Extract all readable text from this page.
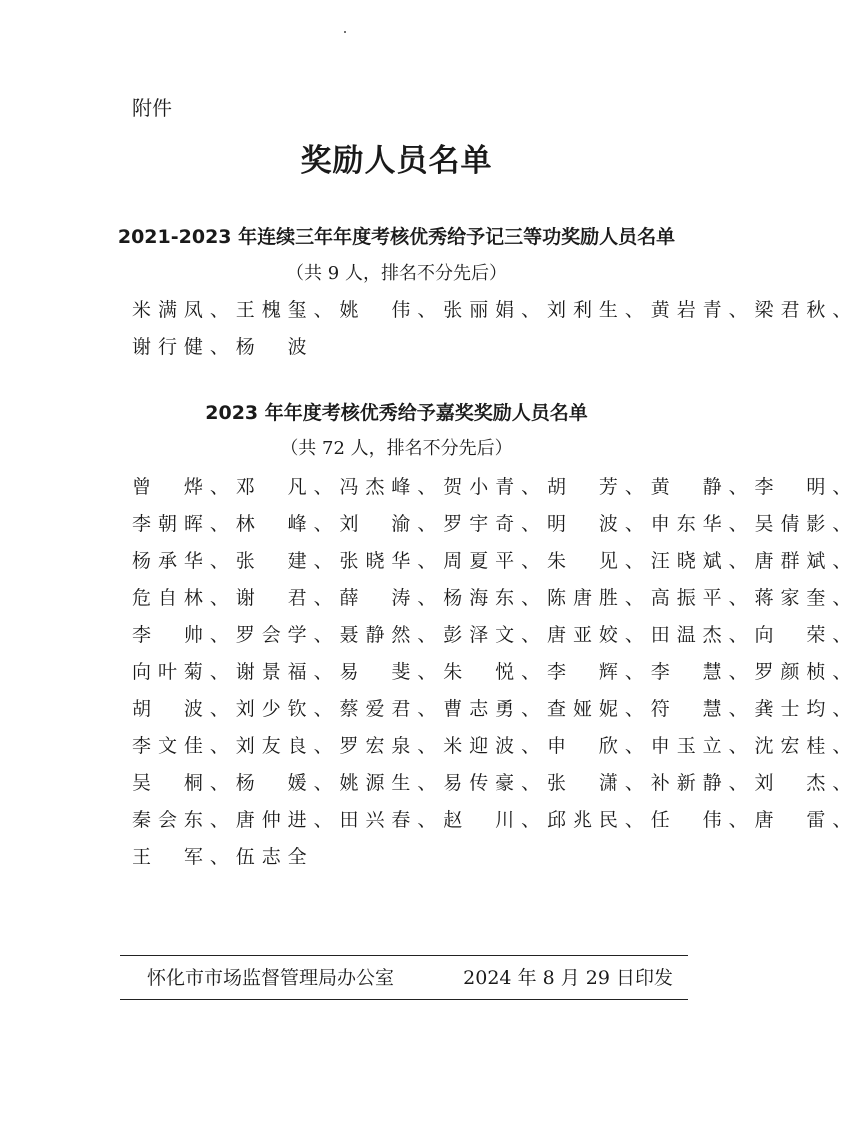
附件
奖励人员名单
2021-2023 年连续三年年度考核优秀给予记三等功奖励人员名单
（共 9 人，排名不分先后）
米 满 凤 、 王 槐 玺 、 姚　 伟 、 张 丽 娟 、 刘 利 生 、 黄 岩 青 、 梁 君 秋 、
谢 行 健 、 杨　 波
2023 年年度考核优秀给予嘉奖奖励人员名单
（共 72 人，排名不分先后）
曾　 烨 、 邓　 凡 、 冯 杰 峰 、 贺 小 青 、 胡　 芳 、 黄　 静 、 李　 明 、
李 朝 晖 、 林　 峰 、 刘　 渝 、 罗 宇 奇 、 明　 波 、 申 东 华 、 吴 倩 影 、
杨 承 华 、 张　 建 、 张 晓 华 、 周 夏 平 、 朱　 见 、 汪 晓 斌 、 唐 群 斌 、
危 自 林 、 谢　 君 、 薛　 涛 、 杨 海 东 、 陈 唐 胜 、 高 振 平 、 蒋 家 奎 、
李　 帅 、 罗 会 学 、 聂 静 然 、 彭 泽 文 、 唐 亚 姣 、 田 温 杰 、 向　 荣 、
向 叶 菊 、 谢 景 福 、 易　 斐 、 朱　 悦 、 李　 辉 、 李　 慧 、 罗 颜 桢 、
胡　 波 、 刘 少 钦 、 蔡 爱 君 、 曹 志 勇 、 查 娅 妮 、 符　 慧 、 龚 士 均 、
李 文 佳 、 刘 友 良 、 罗 宏 泉 、 米 迎 波 、 申　 欣 、 申 玉 立 、 沈 宏 桂 、
吴　 桐 、 杨　 媛 、 姚 源 生 、 易 传 豪 、 张　 潇 、 补 新 静 、 刘　 杰 、
秦 会 东 、 唐 仲 进 、 田 兴 春 、 赵　 川 、 邱 兆 民 、 任　 伟 、 唐　 雷 、
王　 军 、 伍 志 全
怀化市市场监督管理局办公室	2024 年 8 月 29 日印发
